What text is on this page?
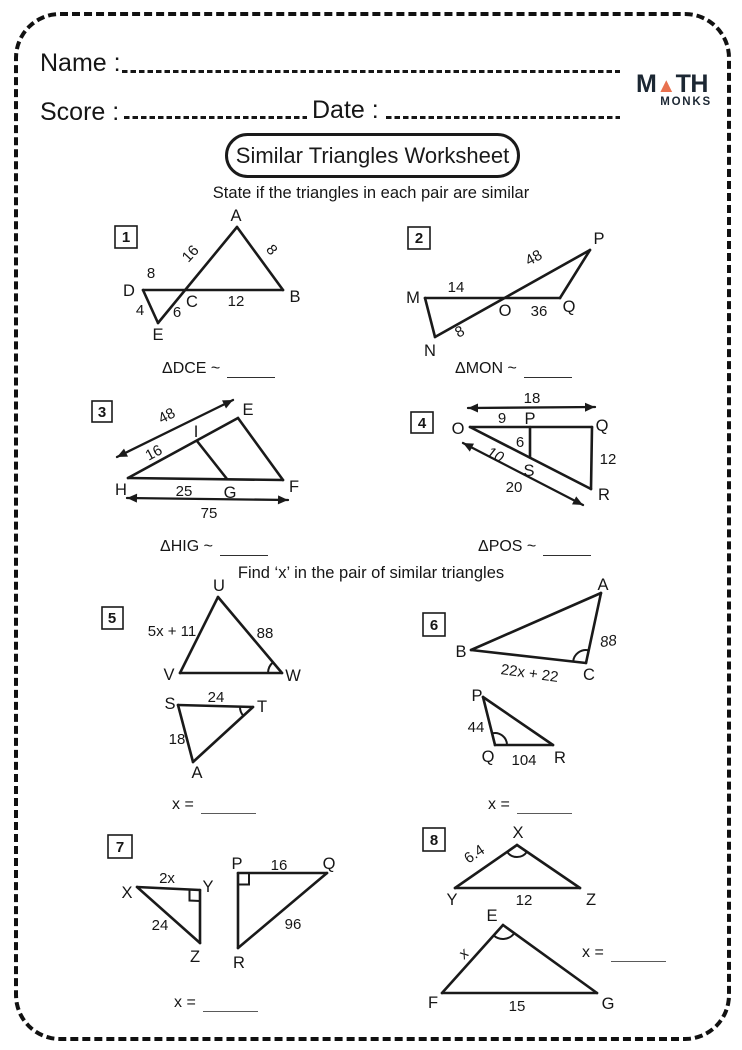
Name :
Score :	Date :
M▲TH
MONKS
Similar Triangles Worksheet
State if the triangles in each pair are similar
Find ‘x’ in the pair of similar triangles
ΔDCE ~	ΔMON ~
ΔHIG ~	ΔPOS ~
x =	x =
x =
x =
1
A
B
C
D
E
16	8
8
12
4 6
2
M
N
O
P
Q
14
48
8
36
3	E
F
G
H
I
48
16
25
75
4 O
P	Q
R
S
18
9
6
12
10
20
5
U
V	W
S	T
A
5x + 11	88
24
18
6
A
B
C
P
Q	R
88
22x + 22
44
104
7
X	Y
Z
P	Q
R
2x
24
16
96
8	X
Y	Z
E
F	G
6.4
12
x
15
